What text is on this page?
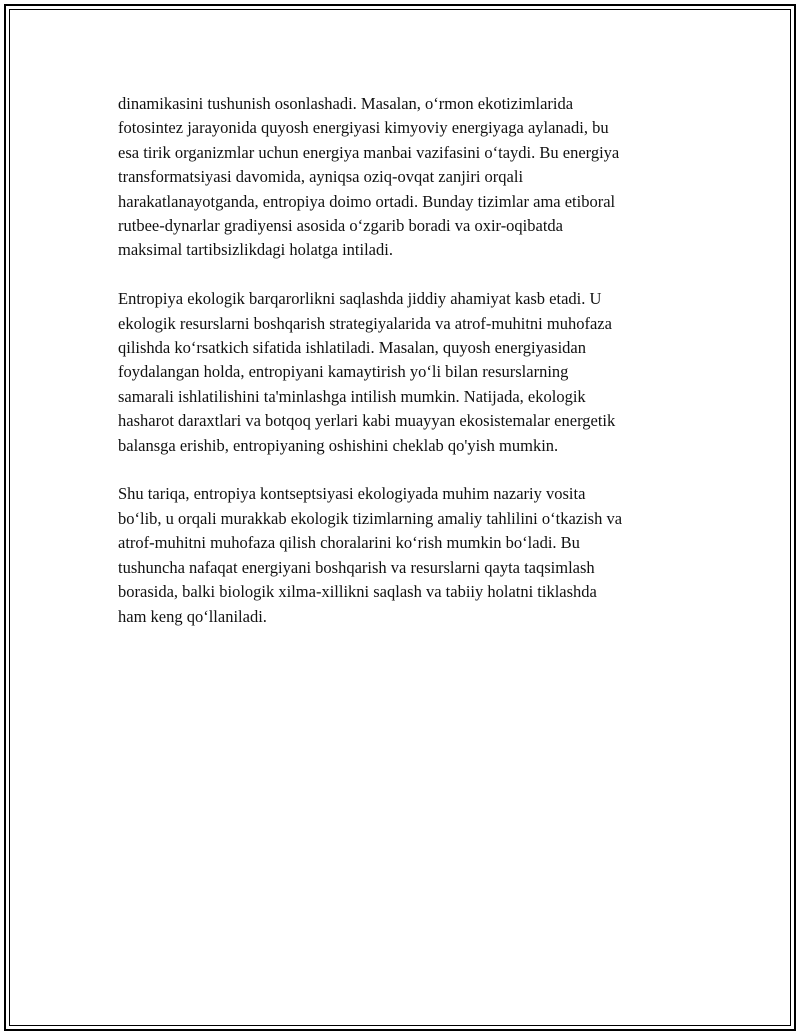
dinamikasini tushunish osonlashadi. Masalan, o‘rmon ekotizimlarida
fotosintez jarayonida quyosh energiyasi kimyoviy energiyaga aylanadi, bu
esa tirik organizmlar uchun energiya manbai vazifasini o‘taydi. Bu energiya
transformatsiyasi davomida, ayniqsa oziq-ovqat zanjiri orqali
harakatlanayotganda, entropiya doimo ortadi. Bunday tizimlar ama etiboral
rutbee-dynarlar gradiyensi asosida o‘zgarib boradi va oxir-oqibatda
maksimal tartibsizlikdagi holatga intiladi.

Entropiya ekologik barqarorlikni saqlashda jiddiy ahamiyat kasb etadi. U
ekologik resurslarni boshqarish strategiyalarida va atrof-muhitni muhofaza
qilishda ko‘rsatkich sifatida ishlatiladi. Masalan, quyosh energiyasidan
foydalangan holda, entropiyani kamaytirish yo‘li bilan resurslarning
samarali ishlatilishini ta'minlashga intilish mumkin. Natijada, ekologik
hasharot daraxtlari va botqoq yerlari kabi muayyan ekosistemalar energetik
balansga erishib, entropiyaning oshishini cheklab qo'yish mumkin.

Shu tariqa, entropiya kontseptsiyasi ekologiyada muhim nazariy vosita
bo‘lib, u orqali murakkab ekologik tizimlarning amaliy tahlilini o‘tkazish va
atrof-muhitni muhofaza qilish choralarini ko‘rish mumkin bo‘ladi. Bu
tushuncha nafaqat energiyani boshqarish va resurslarni qayta taqsimlash
borasida, balki biologik xilma-xillikni saqlash va tabiiy holatni tiklashda
ham keng qo‘llaniladi.
